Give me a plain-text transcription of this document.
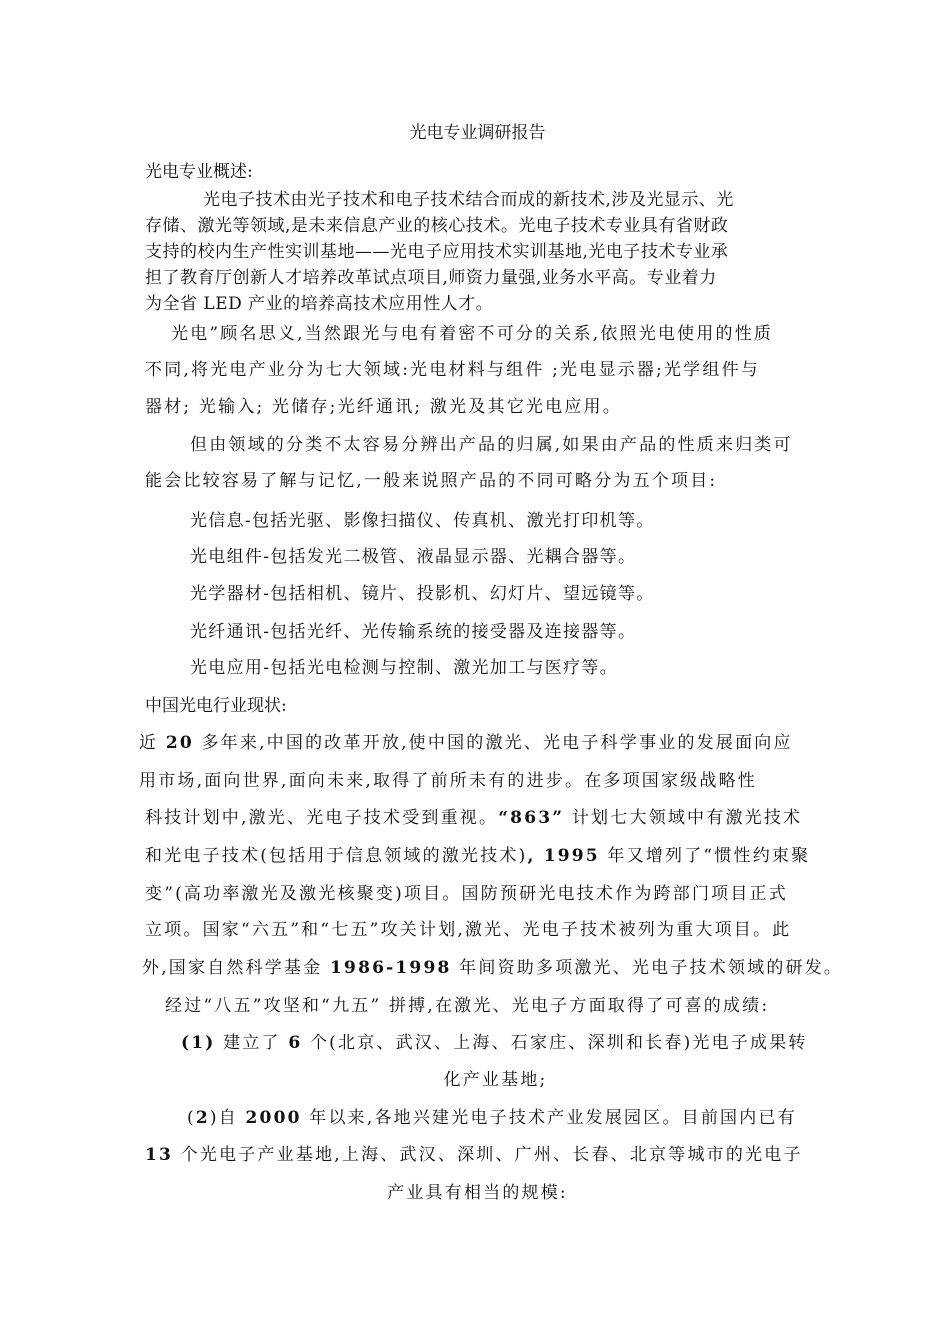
光电专业调研报告
光电专业概述:
光电子技术由光子技术和电子技术结合而成的新技术,涉及光显示、光
存储、激光等领域,是未来信息产业的核心技术。光电子技术专业具有省财政
支持的校内生产性实训基地——光电子应用技术实训基地,光电子技术专业承
担了教育厅创新人才培养改革试点项目,师资力量强,业务水平高。专业着力
为全省 LED 产业的培养高技术应用性人才。
光电”顾名思义,当然跟光与电有着密不可分的关系,依照光电使用的性质
不同,将光电产业分为七大领域:光电材料与组件 ;光电显示器;光学组件与
器材; 光输入; 光储存;光纤通讯; 激光及其它光电应用。
但由领域的分类不太容易分辨出产品的归属,如果由产品的性质来归类可
能会比较容易了解与记忆,一般来说照产品的不同可略分为五个项目:
光信息-包括光驱、影像扫描仪、传真机、激光打印机等。
光电组件-包括发光二极管、液晶显示器、光耦合器等。
光学器材-包括相机、镜片、投影机、幻灯片、望远镜等。
光纤通讯-包括光纤、光传输系统的接受器及连接器等。
光电应用-包括光电检测与控制、激光加工与医疗等。
中国光电行业现状:
近 20 多年来,中国的改革开放,使中国的激光、光电子科学事业的发展面向应
用市场,面向世界,面向未来,取得了前所未有的进步。在多项国家级战略性
科技计划中,激光、光电子技术受到重视。“863” 计划七大领域中有激光技术
和光电子技术(包括用于信息领域的激光技术), 1995 年又增列了“惯性约束聚
变”(高功率激光及激光核聚变)项目。国防预研光电技术作为跨部门项目正式
立项。国家“六五”和“七五”攻关计划,激光、光电子技术被列为重大项目。此
外,国家自然科学基金 1986-1998 年间资助多项激光、光电子技术领域的研发。
经过“八五”攻坚和“九五” 拼搏,在激光、光电子方面取得了可喜的成绩:
(1) 建立了 6 个(北京、武汉、上海、石家庄、深圳和长春)光电子成果转
化产业基地;
(2)自 2000 年以来,各地兴建光电子技术产业发展园区。目前国内已有
13 个光电子产业基地,上海、武汉、深圳、广州、长春、北京等城市的光电子
产业具有相当的规模:
